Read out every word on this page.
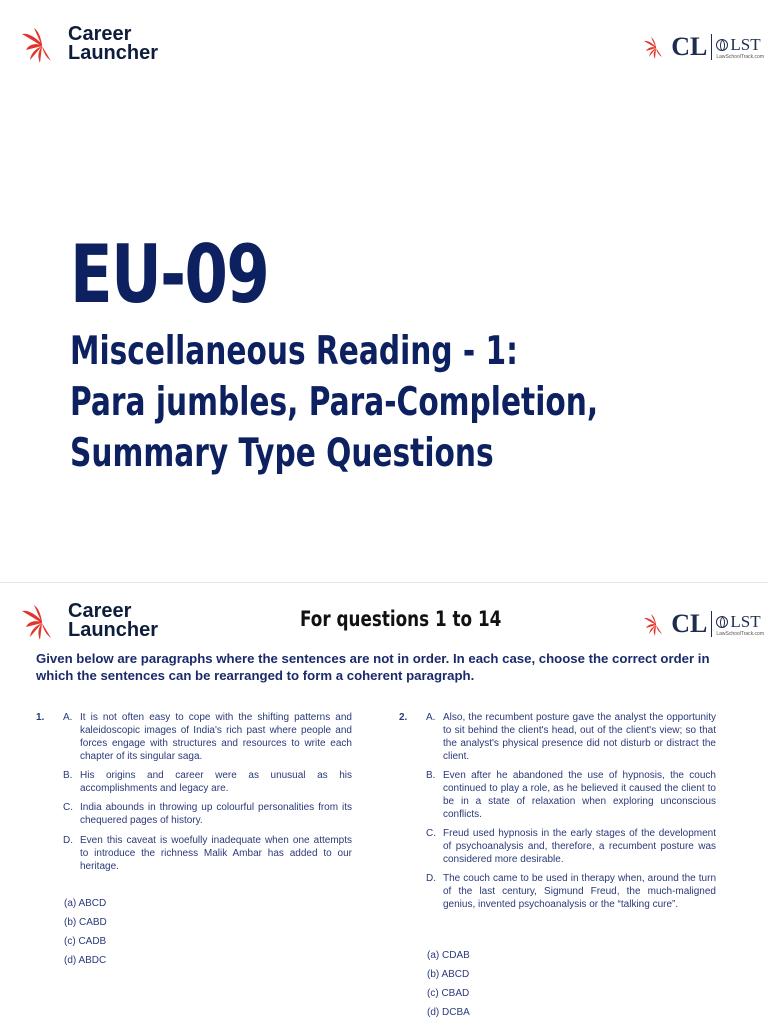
Career
Launcher	CL LST
LawSchoolTrack.com
EU-09
Miscellaneous Reading - 1:
Para jumbles, Para-Completion,
Summary Type Questions
Career
Launcher	For questions 1 to 14	CL LST
LawSchoolTrack.com
Given below are paragraphs where the sentences are not in order. In each case, choose the correct order in which the sentences can be rearranged to form a coherent paragraph.
1. A. It is not often easy to cope with the shifting patterns and kaleidoscopic images of India's rich past where people and forces engage with structures and resources to write each chapter of its singular saga.
B. His origins and career were as unusual as his accomplishments and legacy are.
C. India abounds in throwing up colourful personalities from its chequered pages of history.
D. Even this caveat is woefully inadequate when one attempts to introduce the richness Malik Ambar has added to our heritage.
(a) ABCD
(b) CABD
(c) CADB
(d) ABDC
2. A. Also, the recumbent posture gave the analyst the opportunity to sit behind the client's head, out of the client's view; so that the analyst's physical presence did not disturb or distract the client.
B. Even after he abandoned the use of hypnosis, the couch continued to play a role, as he believed it caused the client to be in a state of relaxation when exploring unconscious conflicts.
C. Freud used hypnosis in the early stages of the development of psychoanalysis and, therefore, a recumbent posture was considered more desirable.
D. The couch came to be used in therapy when, around the turn of the last century, Sigmund Freud, the much-maligned genius, invented psychoanalysis or the “talking cure”.
(a) CDAB
(b) ABCD
(c) CBAD
(d) DCBA
